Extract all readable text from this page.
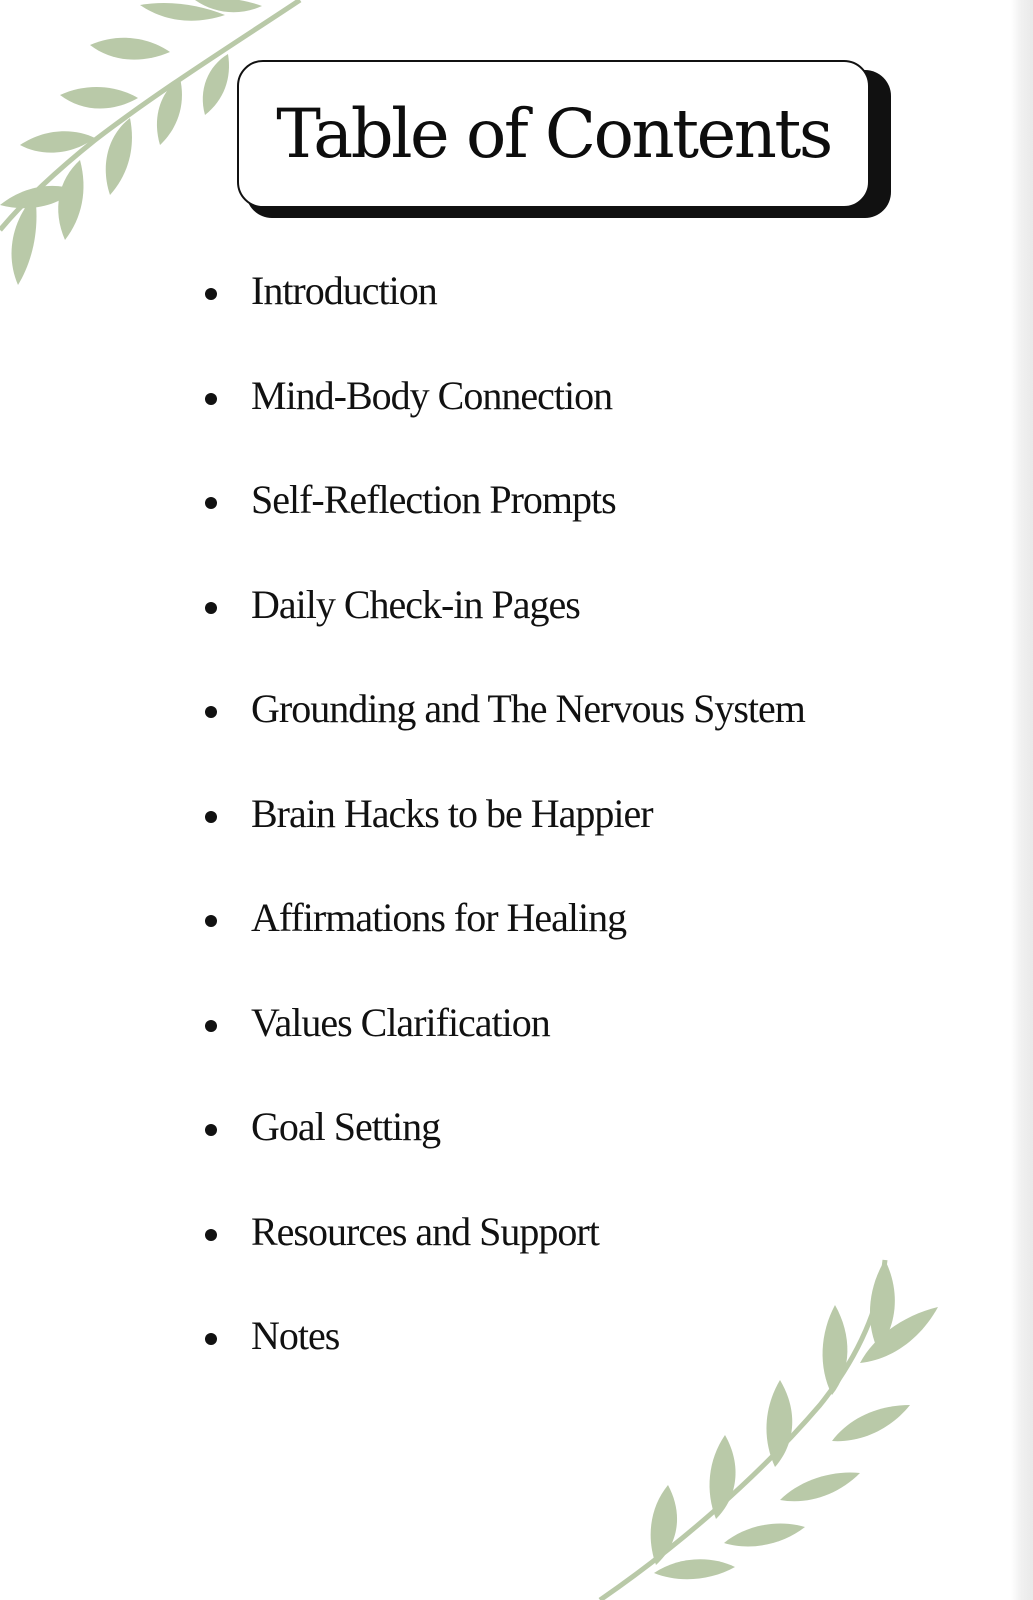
Table of Contents
Introduction
Mind-Body Connection
Self-Reflection Prompts
Daily Check-in Pages
Grounding and The Nervous System
Brain Hacks to be Happier
Affirmations for Healing
Values Clarification
Goal Setting
Resources and Support
Notes
